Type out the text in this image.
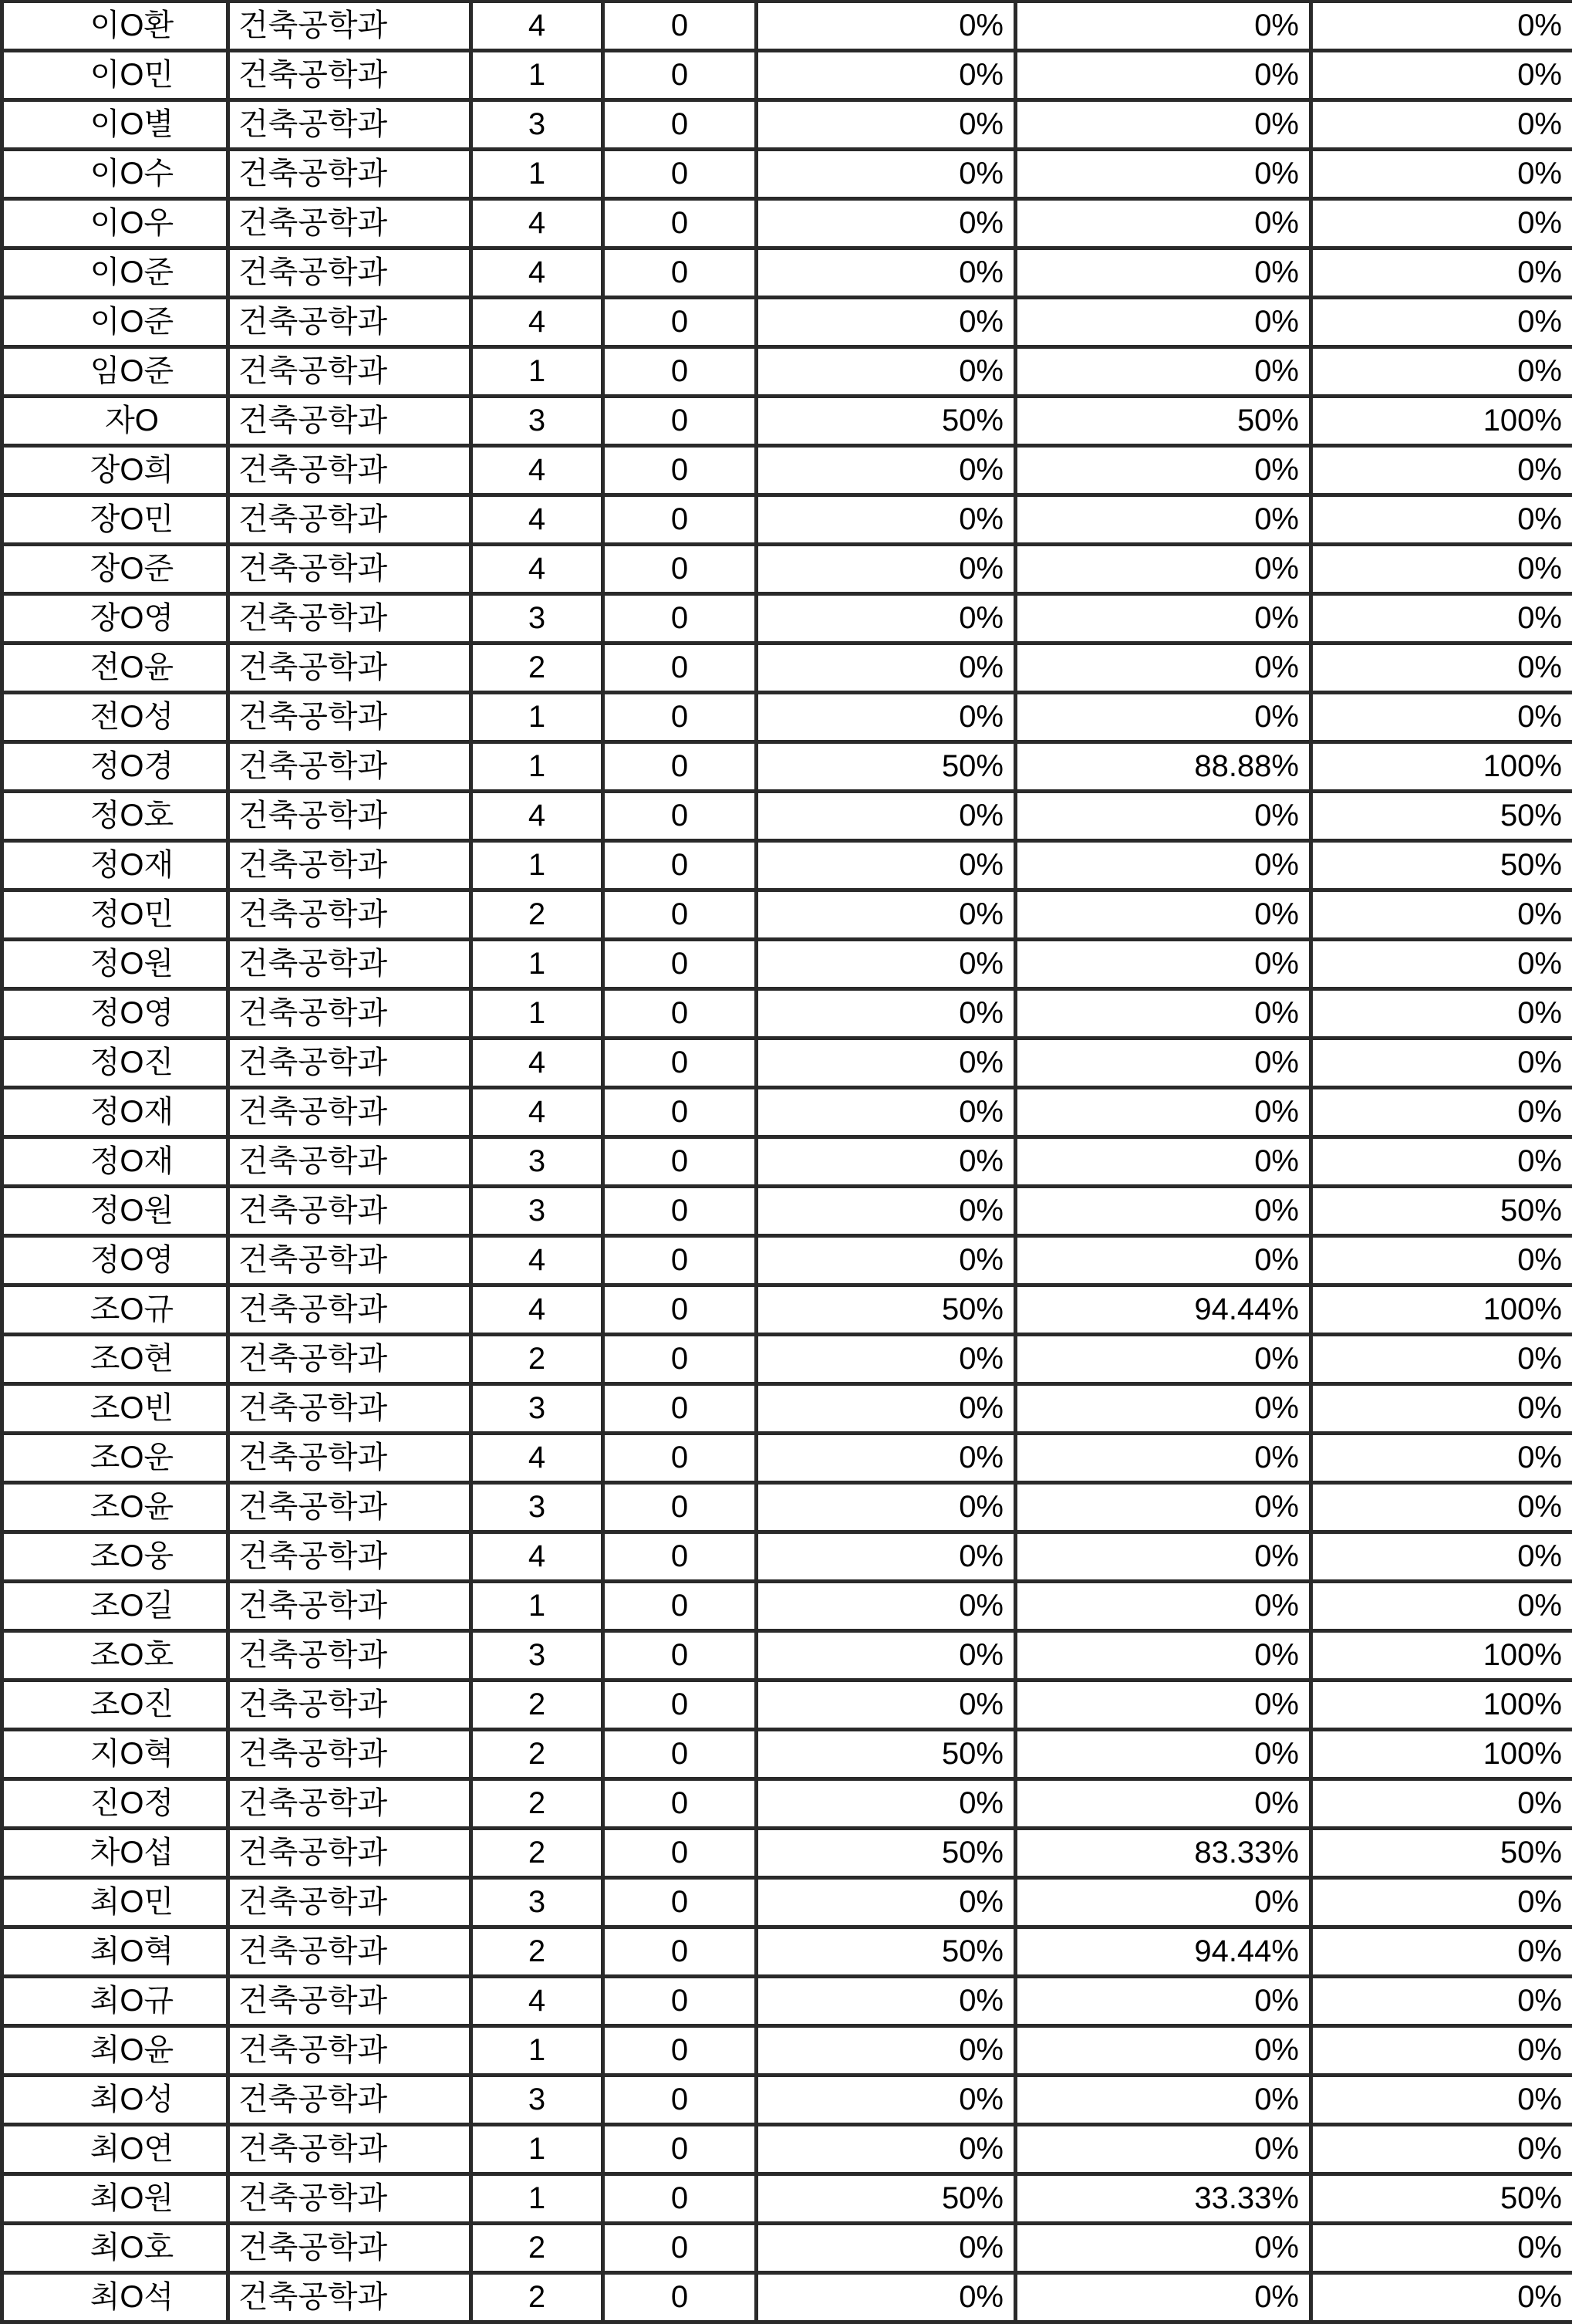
이O환	건축공학과	4	0	0%	0%	0%
이O민	건축공학과	1	0	0%	0%	0%
이O별	건축공학과	3	0	0%	0%	0%
이O수	건축공학과	1	0	0%	0%	0%
이O우	건축공학과	4	0	0%	0%	0%
이O준	건축공학과	4	0	0%	0%	0%
이O준	건축공학과	4	0	0%	0%	0%
임O준	건축공학과	1	0	0%	0%	0%
자O	건축공학과	3	0	50%	50%	100%
장O희	건축공학과	4	0	0%	0%	0%
장O민	건축공학과	4	0	0%	0%	0%
장O준	건축공학과	4	0	0%	0%	0%
장O영	건축공학과	3	0	0%	0%	0%
전O윤	건축공학과	2	0	0%	0%	0%
전O성	건축공학과	1	0	0%	0%	0%
정O경	건축공학과	1	0	50%	88.88%	100%
정O호	건축공학과	4	0	0%	0%	50%
정O재	건축공학과	1	0	0%	0%	50%
정O민	건축공학과	2	0	0%	0%	0%
정O원	건축공학과	1	0	0%	0%	0%
정O영	건축공학과	1	0	0%	0%	0%
정O진	건축공학과	4	0	0%	0%	0%
정O재	건축공학과	4	0	0%	0%	0%
정O재	건축공학과	3	0	0%	0%	0%
정O원	건축공학과	3	0	0%	0%	50%
정O영	건축공학과	4	0	0%	0%	0%
조O규	건축공학과	4	0	50%	94.44%	100%
조O현	건축공학과	2	0	0%	0%	0%
조O빈	건축공학과	3	0	0%	0%	0%
조O운	건축공학과	4	0	0%	0%	0%
조O윤	건축공학과	3	0	0%	0%	0%
조O웅	건축공학과	4	0	0%	0%	0%
조O길	건축공학과	1	0	0%	0%	0%
조O호	건축공학과	3	0	0%	0%	100%
조O진	건축공학과	2	0	0%	0%	100%
지O혁	건축공학과	2	0	50%	0%	100%
진O정	건축공학과	2	0	0%	0%	0%
차O섭	건축공학과	2	0	50%	83.33%	50%
최O민	건축공학과	3	0	0%	0%	0%
최O혁	건축공학과	2	0	50%	94.44%	0%
최O규	건축공학과	4	0	0%	0%	0%
최O윤	건축공학과	1	0	0%	0%	0%
최O성	건축공학과	3	0	0%	0%	0%
최O연	건축공학과	1	0	0%	0%	0%
최O원	건축공학과	1	0	50%	33.33%	50%
최O호	건축공학과	2	0	0%	0%	0%
최O석	건축공학과	2	0	0%	0%	0%
